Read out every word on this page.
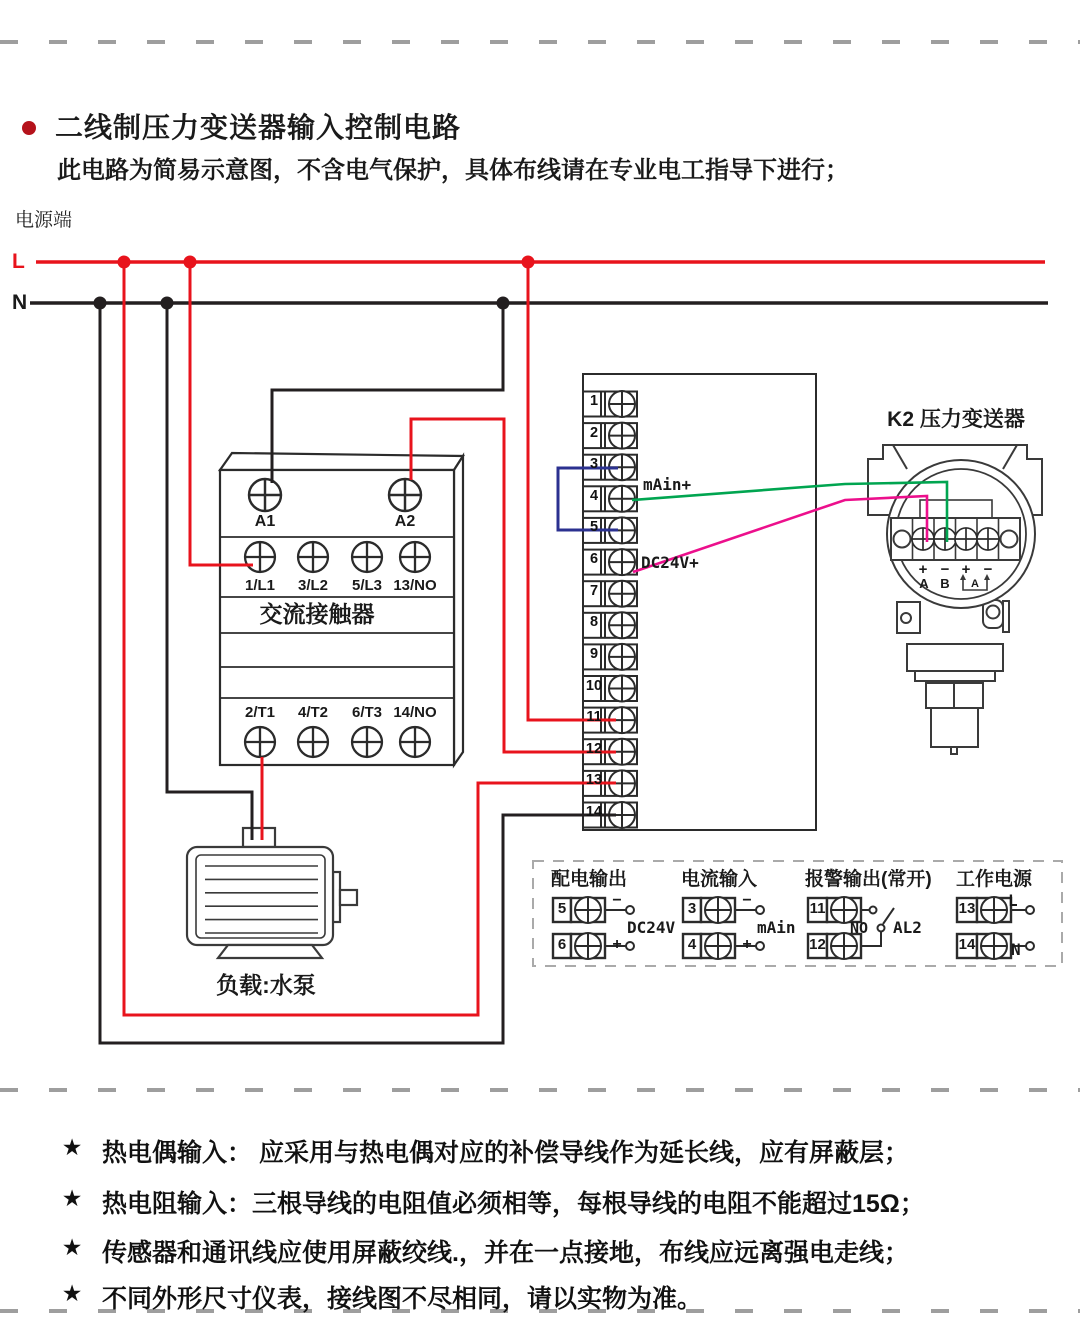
二线制压力变送器输入控制电路
此电路为简易示意图，不含电气保护，具体布线请在专业电工指导下进行；
电源端
L
N
A1	A2
1/L1	3/L2	5/L3 13/NO
交流接触器
2/T1	4/T2	6/T3 14/NO
1
2
3
4
5
6
7
8
9
10
11
12
13
14
mAin+
DC24V+
K2 压力变送器
+ − + −
A B	A
负载:水泵
配电输出
5
6
−
+
DC24V
电流输入
3
4
−
+
mAin
报警输出(常开)
11
12
NO AL2
工作电源
13
14
L
N
★ 热电偶输入： 应采用与热电偶对应的补偿导线作为延长线，应有屏蔽层；
★ 热电阻输入：三根导线的电阻值必须相等，每根导线的电阻不能超过15Ω；
★ 传感器和通讯线应使用屏蔽绞线.，并在一点接地，布线应远离强电走线；
★ 不同外形尺寸仪表，接线图不尽相同，请以实物为准。
